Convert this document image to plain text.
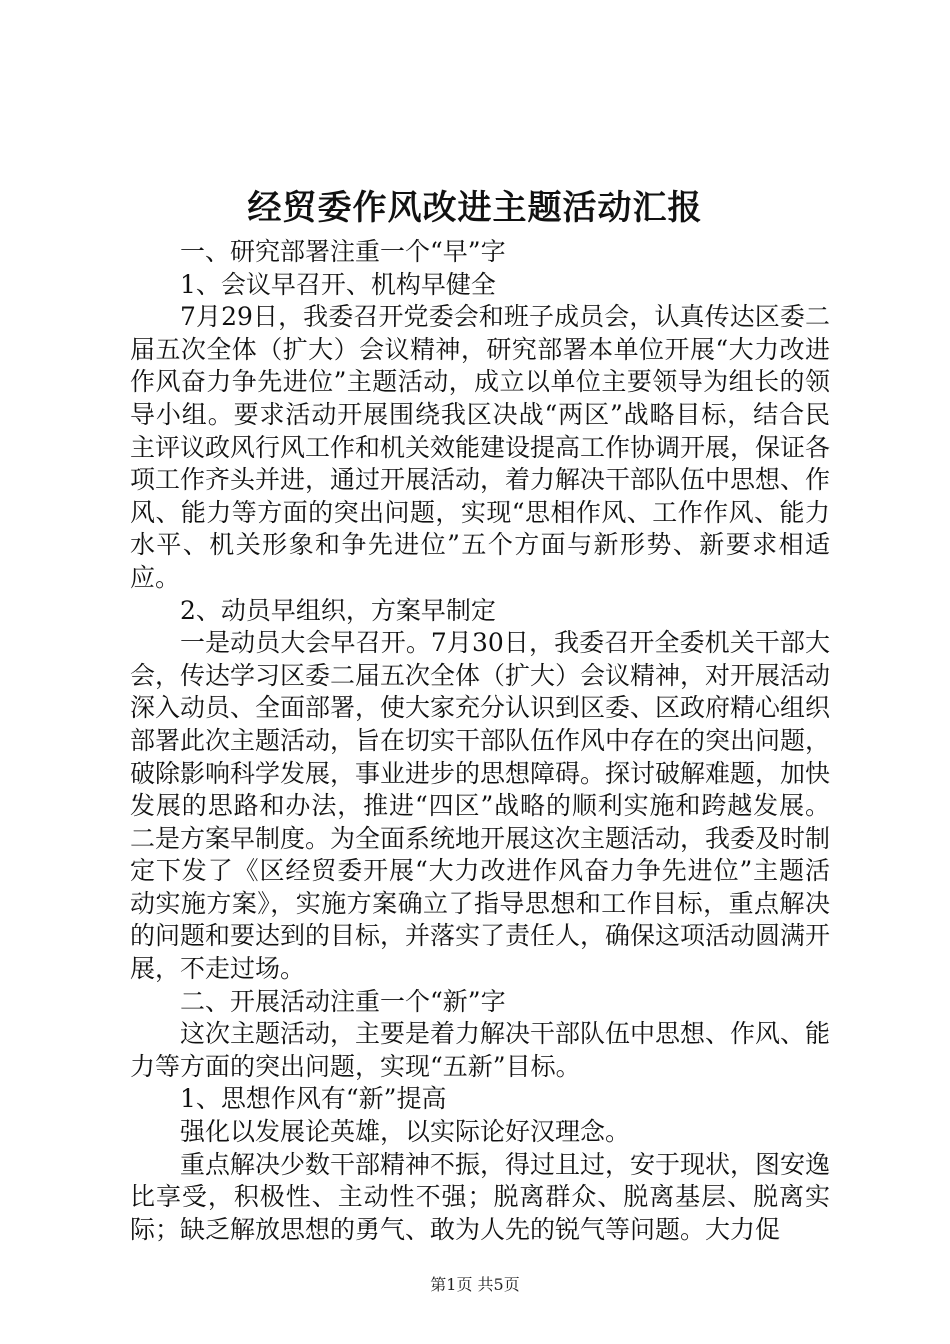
经贸委作风改进主题活动汇报

一、研究部署注重一个“早”字

1、会议早召开、机构早健全

7月29日，我委召开党委会和班子成员会，认真传达区委二届五次全体（扩大）会议精神，研究部署本单位开展“大力改进作风奋力争先进位”主题活动，成立以单位主要领导为组长的领导小组。要求活动开展围绕我区决战“两区”战略目标，结合民主评议政风行风工作和机关效能建设提高工作协调开展，保证各项工作齐头并进，通过开展活动，着力解决干部队伍中思想、作风、能力等方面的突出问题，实现“思相作风、工作作风、能力水平、机关形象和争先进位”五个方面与新形势、新要求相适应。

2、动员早组织，方案早制定

一是动员大会早召开。7月30日，我委召开全委机关干部大会，传达学习区委二届五次全体（扩大）会议精神，对开展活动深入动员、全面部署，使大家充分认识到区委、区政府精心组织部署此次主题活动，旨在切实干部队伍作风中存在的突出问题，破除影响科学发展，事业进步的思想障碍。探讨破解难题，加快发展的思路和办法，推进“四区”战略的顺利实施和跨越发展。二是方案早制度。为全面系统地开展这次主题活动，我委及时制定下发了《区经贸委开展“大力改进作风奋力争先进位”主题活动实施方案》，实施方案确立了指导思想和工作目标，重点解决的问题和要达到的目标，并落实了责任人，确保这项活动圆满开展，不走过场。

二、开展活动注重一个“新”字

这次主题活动，主要是着力解决干部队伍中思想、作风、能力等方面的突出问题，实现“五新”目标。

1、思想作风有“新”提高

强化以发展论英雄，以实际论好汉理念。

重点解决少数干部精神不振，得过且过，安于现状，图安逸比享受，积极性、主动性不强；脱离群众、脱离基层、脱离实际；缺乏解放思想的勇气、敢为人先的锐气等问题。大力促

第1页 共5页
